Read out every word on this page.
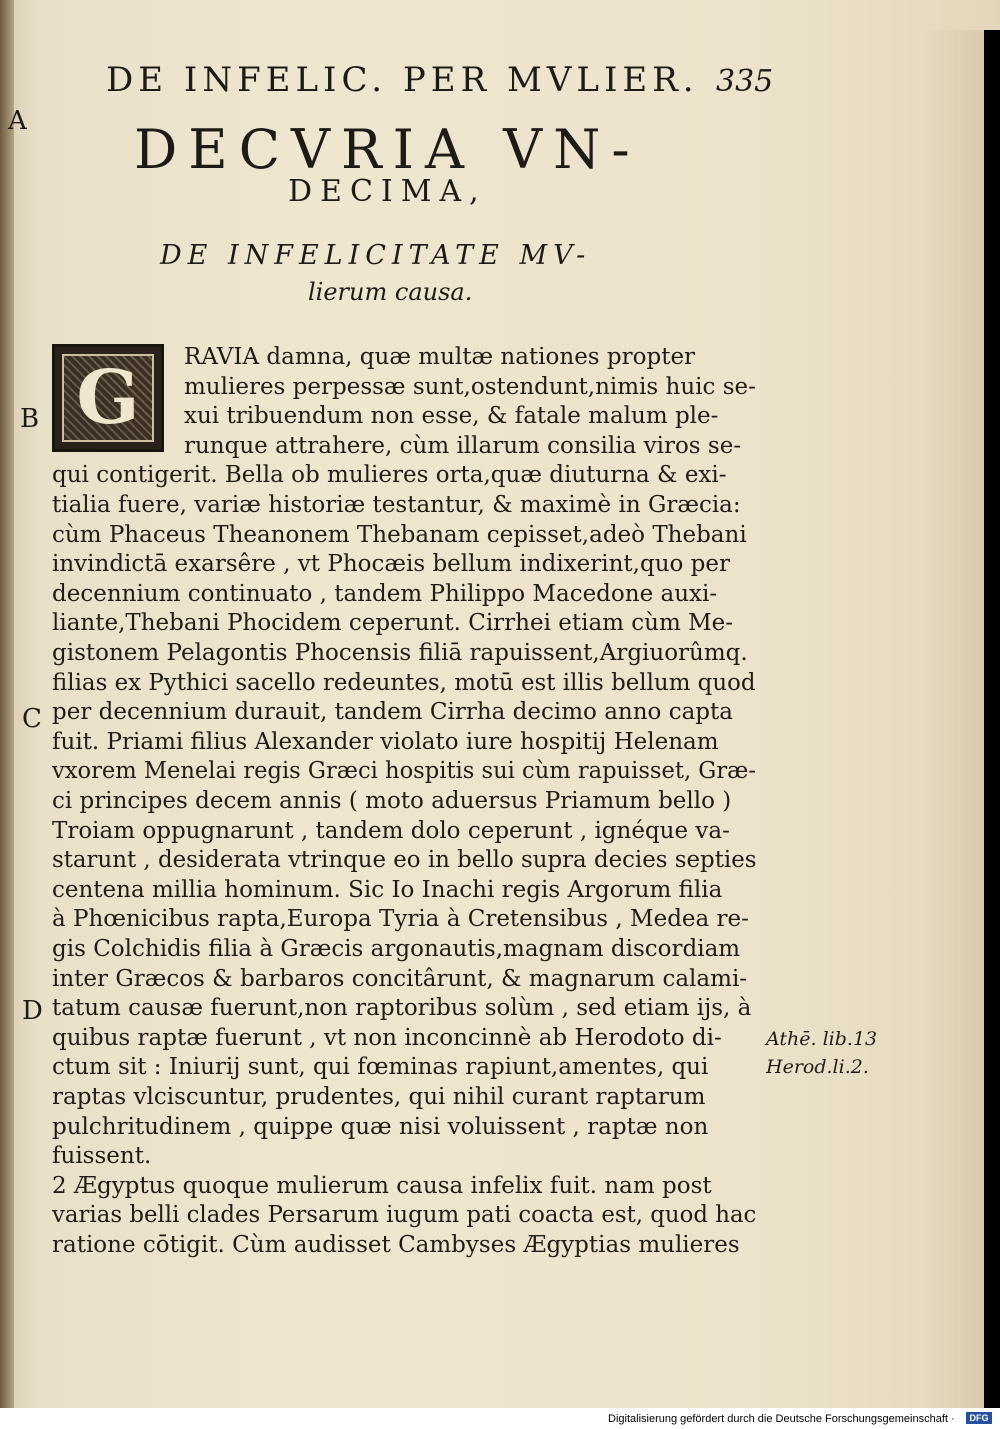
DE INFELIC. PER MVLIER. 335
DECVRIA VN-
DECIMA,
DE INFELICITATE MV-
lierum causa.
A
B
C
D
G RAVIA damna, quæ multæ nationes propter
mulieres perpessæ sunt,ostendunt,nimis huic se-
xui tribuendum non esse, & fatale malum ple-
runque attrahere, cùm illarum consilia viros se-
qui contigerit. Bella ob mulieres orta,quæ diuturna & exi-
tialia fuere, variæ historiæ testantur, & maximè in Græcia:
cùm Phaceus Theanonem Thebanam cepisset,adeò Thebani
invindictā exarsêre , vt Phocæis bellum indixerint,quo per
decennium continuato , tandem Philippo Macedone auxi-
liante,Thebani Phocidem ceperunt. Cirrhei etiam cùm Me-
gistonem Pelagontis Phocensis filiā rapuissent,Argiuorûmq.
filias ex Pythici sacello redeuntes, motū est illis bellum quod
per decennium durauit, tandem Cirrha decimo anno capta
fuit. Priami filius Alexander violato iure hospitij Helenam
vxorem Menelai regis Græci hospitis sui cùm rapuisset, Græ-
ci principes decem annis ( moto aduersus Priamum bello )
Troiam oppugnarunt , tandem dolo ceperunt , ignéque va-
starunt , desiderata vtrinque eo in bello supra decies septies
centena millia hominum. Sic Io Inachi regis Argorum filia
à Phœnicibus rapta,Europa Tyria à Cretensibus , Medea re-
gis Colchidis filia à Græcis argonautis,magnam discordiam
inter Græcos & barbaros concitârunt, & magnarum calami-
tatum causæ fuerunt,non raptoribus solùm , sed etiam ijs, à
quibus raptæ fuerunt , vt non inconcinnè ab Herodoto di-
ctum sit : Iniurij sunt, qui fœminas rapiunt,amentes, qui
raptas vlciscuntur, prudentes, qui nihil curant raptarum
pulchritudinem , quippe quæ nisi voluissent , raptæ non
fuissent.
2 Ægyptus quoque mulierum causa infelix fuit. nam post
varias belli clades Persarum iugum pati coacta est, quod hac
ratione cōtigit. Cùm audisset Cambyses Ægyptias mulieres
Athē. lib.13
Herod.li.2.
Digitalisierung gefördert durch die Deutsche Forschungsgemeinschaft ·	DFG
